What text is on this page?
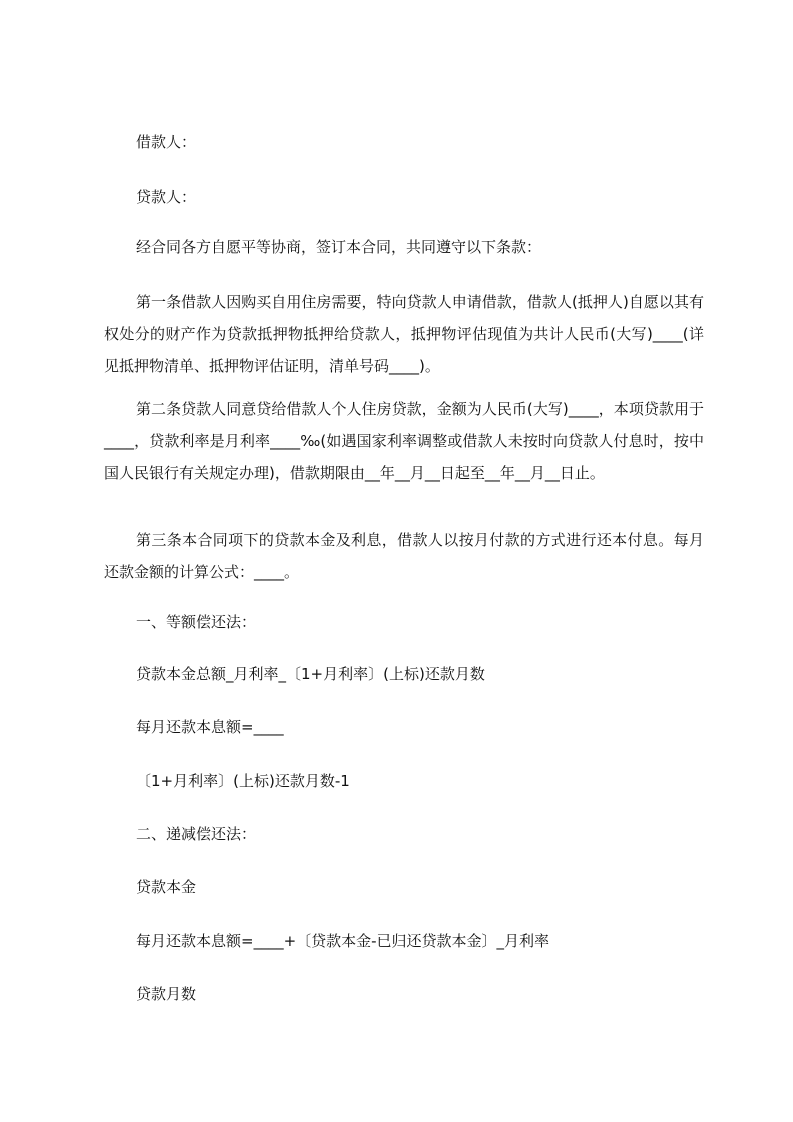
借款人：

贷款人：

经合同各方自愿平等协商，签订本合同，共同遵守以下条款：

第一条借款人因购买自用住房需要，特向贷款人申请借款，借款人(抵押人)自愿以其有权处分的财产作为贷款抵押物抵押给贷款人，抵押物评估现值为共计人民币(大写)____(详见抵押物清单、抵押物评估证明，清单号码____)。

第二条贷款人同意贷给借款人个人住房贷款，金额为人民币(大写)____，本项贷款用于____，贷款利率是月利率____‰(如遇国家利率调整或借款人未按时向贷款人付息时，按中国人民银行有关规定办理)，借款期限由__年__月__日起至__年__月__日止。

第三条本合同项下的贷款本金及利息，借款人以按月付款的方式进行还本付息。每月还款金额的计算公式：____。

一、等额偿还法：

贷款本金总额_月利率_〔1+月利率〕(上标)还款月数

每月还款本息额=____

〔1+月利率〕(上标)还款月数-1

二、递减偿还法：

贷款本金

每月还款本息额=____+〔贷款本金-已归还贷款本金〕_月利率

贷款月数
